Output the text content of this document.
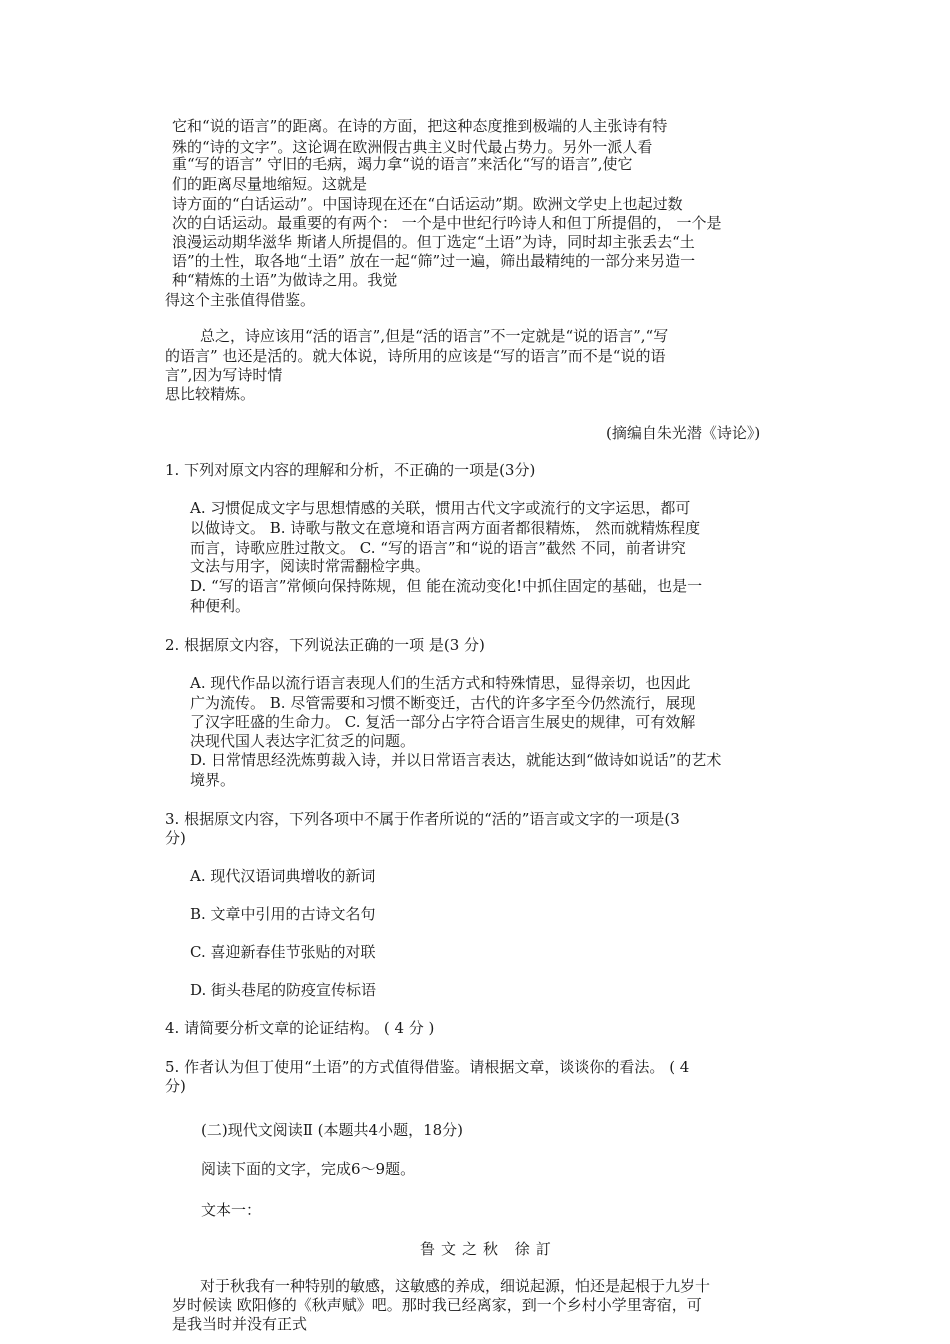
它和“说的语言”的距离。在诗的方面，把这种态度推到极端的人主张诗有特
殊的“诗的文字”。这论调在欧洲假古典主义时代最占势力。另外一派人看
重“写的语言” 守旧的毛病，竭力拿“说的语言”来活化“写的语言”,使它
们的距离尽量地缩短。这就是
诗方面的“白话运动”。中国诗现在还在“白话运动”期。欧洲文学史上也起过数
次的白话运动。最重要的有两个： 一个是中世纪行吟诗人和但丁所提倡的， 一个是
浪漫运动期华滋华 斯诸人所提倡的。但丁选定“土语”为诗，同时却主张丢去“土
语”的土性，取各地“土语” 放在一起“筛”过一遍，筛出最精纯的一部分来另造一
种“精炼的土语”为做诗之用。我觉
得这个主张值得借鉴。
总之，诗应该用“活的语言”,但是“活的语言”不一定就是“说的语言”,“写
的语言” 也还是活的。就大体说，诗所用的应该是“写的语言”而不是“说的语
言”,因为写诗时情
思比较精炼。
(摘编自朱光潜《诗论》)
1. 下列对原文内容的理解和分析，不正确的一项是(3分)
A. 习惯促成文字与思想情感的关联，惯用古代文字或流行的文字运思，都可
以做诗文。 B. 诗歌与散文在意境和语言两方面者都很精炼， 然而就精炼程度
而言，诗歌应胜过散文。 C. “写的语言”和“说的语言”截然 不同，前者讲究
文法与用字，阅读时常需翻检字典。
D. “写的语言”常倾向保持陈规，但 能在流动变化!中抓住固定的基础，也是一
种便利。
2. 根据原文内容，下列说法正确的一项 是(3 分)
A. 现代作品以流行语言表现人们的生活方式和特殊情思，显得亲切，也因此
广为流传。 B. 尽管需要和习惯不断变迁，古代的许多字至今仍然流行，展现
了汉字旺盛的生命力。 C. 复活一部分占字符合语言生展史的规律，可有效解
决现代国人表达字汇贫乏的问题。
D. 日常情思经洗炼剪裁入诗，并以日常语言表达，就能达到“做诗如说话”的艺术
境界。
3. 根据原文内容，下列各项中不属于作者所说的“活的”语言或文字的一项是(3
分)
A. 现代汉语词典增收的新词
B. 文章中引用的古诗文名句
C. 喜迎新春佳节张贴的对联
D. 街头巷尾的防疫宣传标语
4. 请简要分析文章的论证结构。 ( 4 分 )
5. 作者认为但丁使用“土语”的方式值得借鉴。请根据文章，谈谈你的看法。 ( 4
分)
(二)现代文阅读Ⅱ (本题共4小题，18分)
阅读下面的文字，完成6～9题。
文本一：
鲁文之秋 徐訂
对于秋我有一种特别的敏感，这敏感的养成，细说起源，怕还是起根于九岁十
岁时候读 欧阳修的《秋声赋》吧。那时我已经离家，到一个乡村小学里寄宿，可
是我当时并没有正式
